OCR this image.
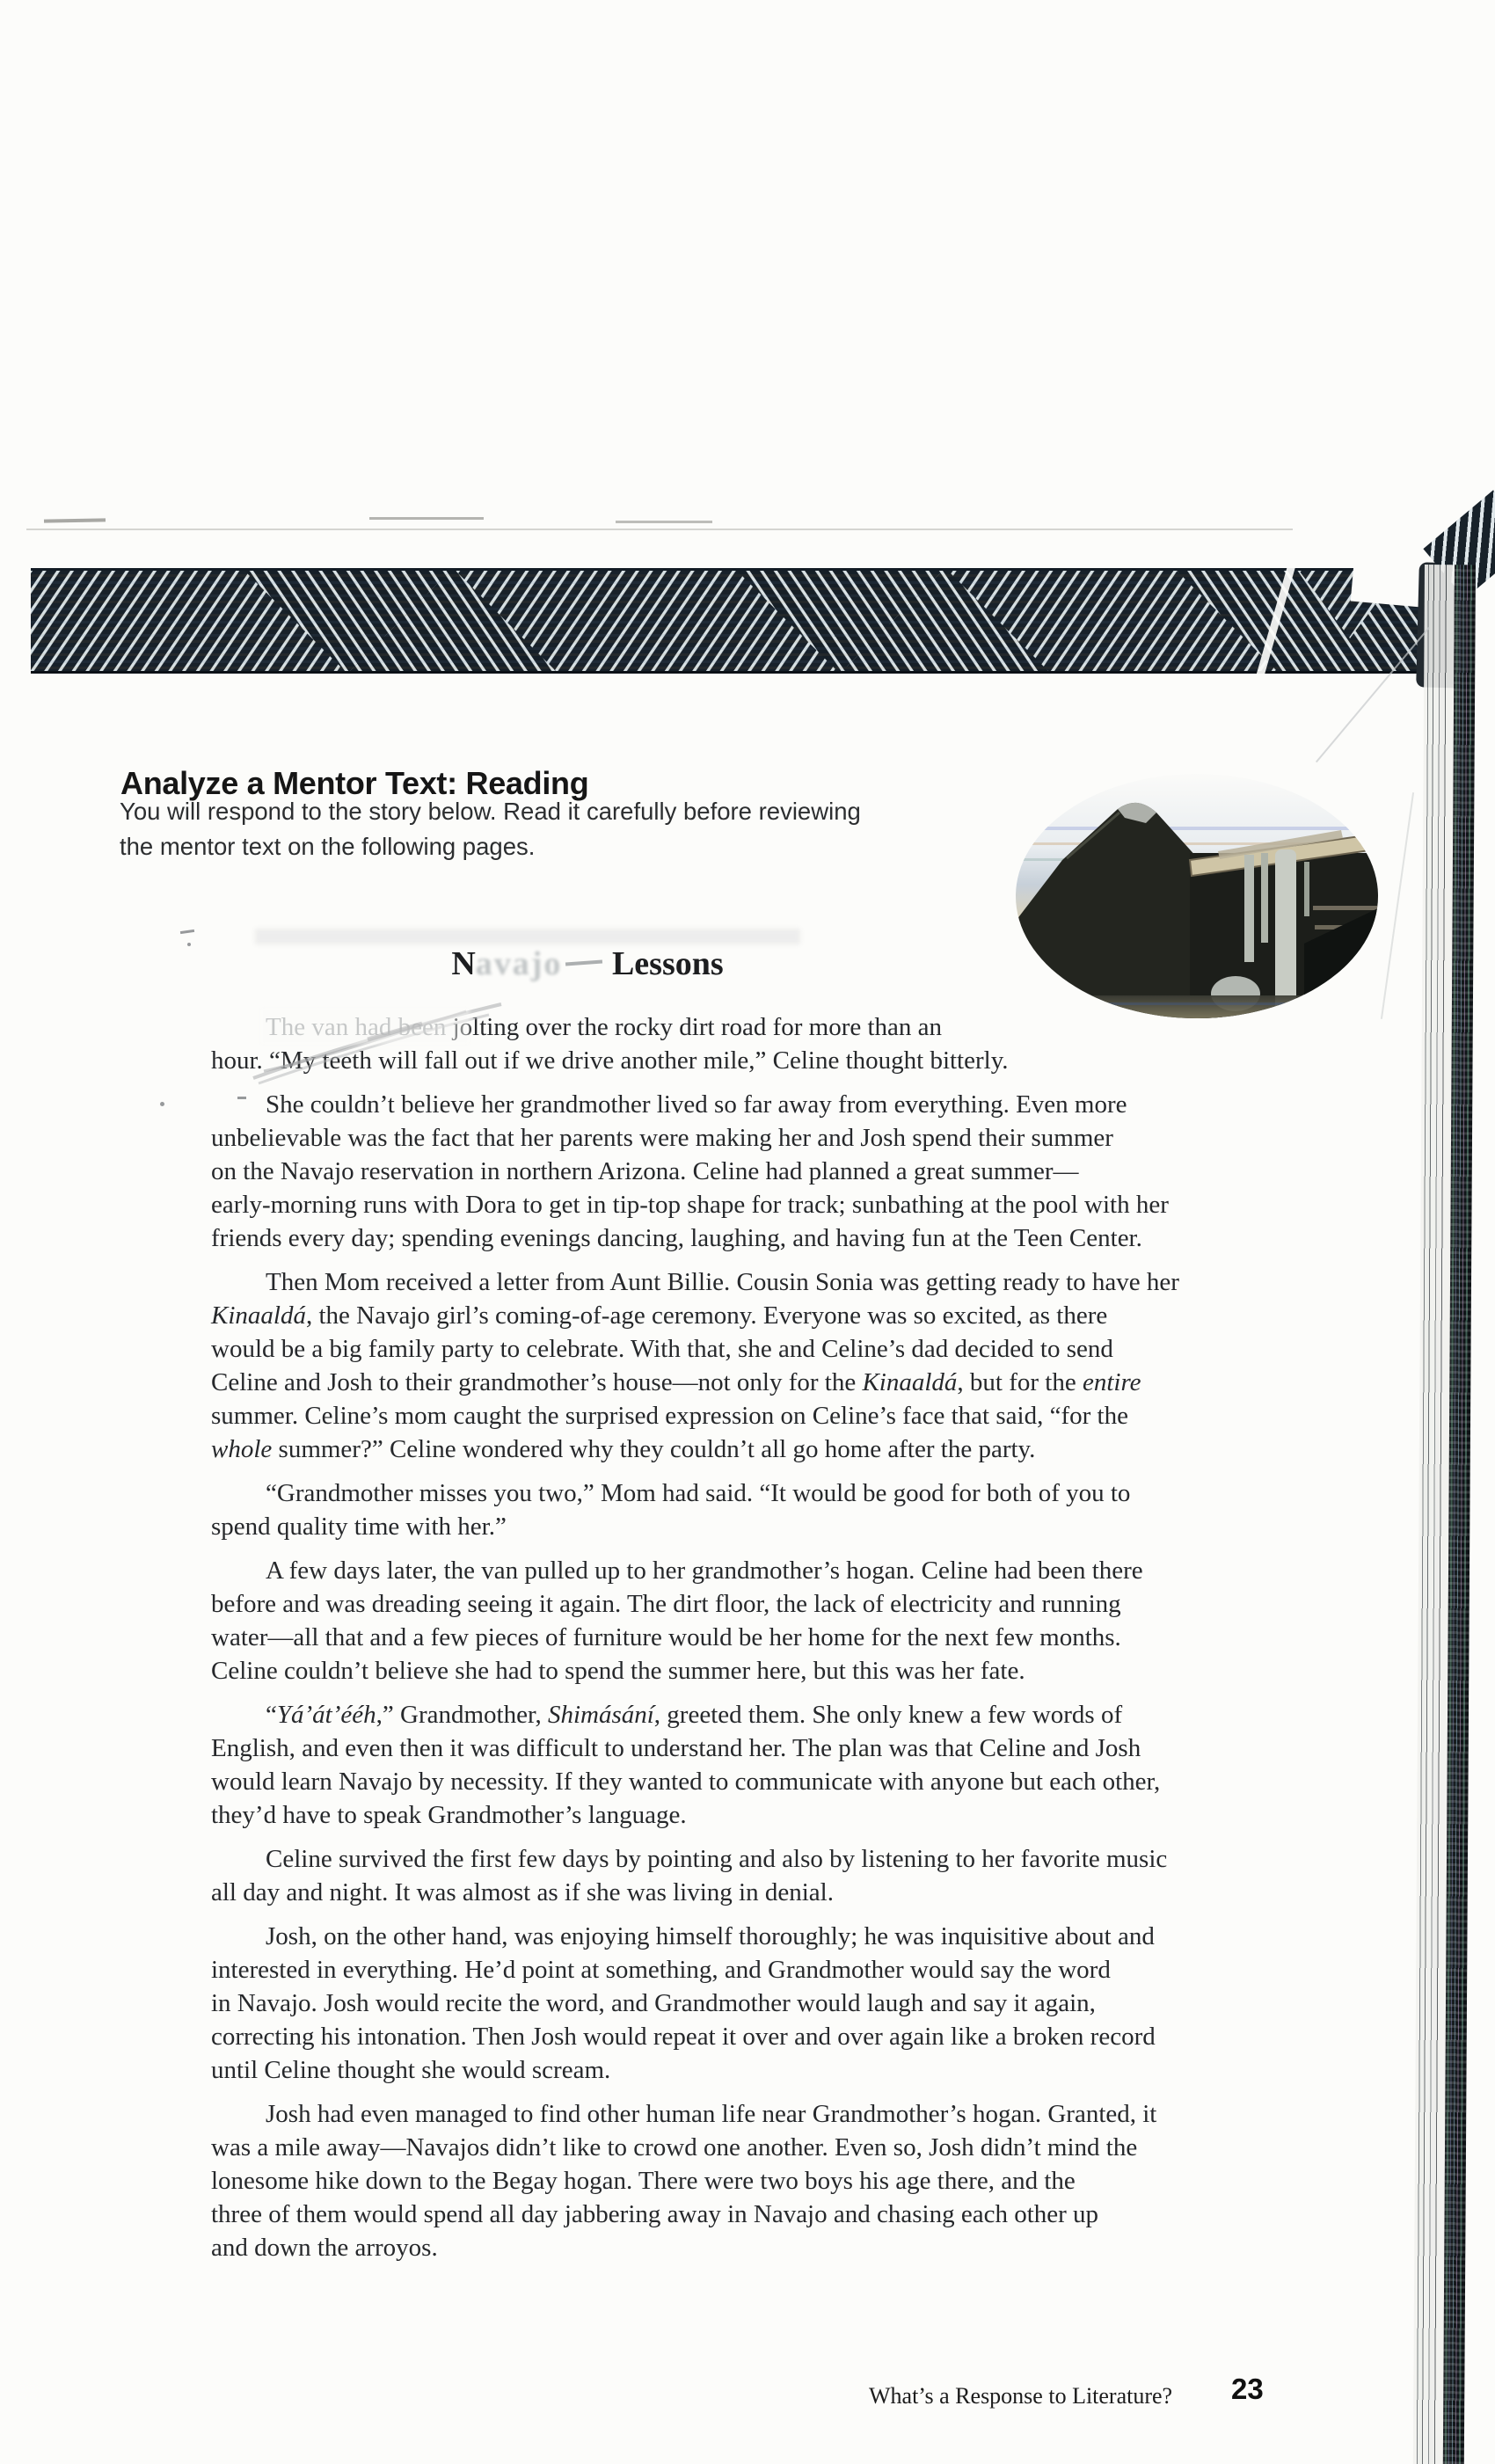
Analyze a Mentor Text: Reading
You will respond to the story below. Read it carefully before reviewing
the mentor text on the following pages.
Navajo Lessons
The van had been jolting over the rocky dirt road for more than an
hour. “My teeth will fall out if we drive another mile,” Celine thought bitterly.
She couldn’t believe her grandmother lived so far away from everything. Even more
unbelievable was the fact that her parents were making her and Josh spend their summer
on the Navajo reservation in northern Arizona. Celine had planned a great summer—
early-morning runs with Dora to get in tip-top shape for track; sunbathing at the pool with her
friends every day; spending evenings dancing, laughing, and having fun at the Teen Center.
Then Mom received a letter from Aunt Billie. Cousin Sonia was getting ready to have her
Kinaaldá, the Navajo girl’s coming-of-age ceremony. Everyone was so excited, as there
would be a big family party to celebrate. With that, she and Celine’s dad decided to send
Celine and Josh to their grandmother’s house—not only for the Kinaaldá, but for the entire
summer. Celine’s mom caught the surprised expression on Celine’s face that said, “for the
whole summer?” Celine wondered why they couldn’t all go home after the party.
“Grandmother misses you two,” Mom had said. “It would be good for both of you to
spend quality time with her.”
A few days later, the van pulled up to her grandmother’s hogan. Celine had been there
before and was dreading seeing it again. The dirt floor, the lack of electricity and running
water—all that and a few pieces of furniture would be her home for the next few months.
Celine couldn’t believe she had to spend the summer here, but this was her fate.
“Yá’át’ééh,” Grandmother, Shimásání, greeted them. She only knew a few words of
English, and even then it was difficult to understand her. The plan was that Celine and Josh
would learn Navajo by necessity. If they wanted to communicate with anyone but each other,
they’d have to speak Grandmother’s language.
Celine survived the first few days by pointing and also by listening to her favorite music
all day and night. It was almost as if she was living in denial.
Josh, on the other hand, was enjoying himself thoroughly; he was inquisitive about and
interested in everything. He’d point at something, and Grandmother would say the word
in Navajo. Josh would recite the word, and Grandmother would laugh and say it again,
correcting his intonation. Then Josh would repeat it over and over again like a broken record
until Celine thought she would scream.
Josh had even managed to find other human life near Grandmother’s hogan. Granted, it
was a mile away—Navajos didn’t like to crowd one another. Even so, Josh didn’t mind the
lonesome hike down to the Begay hogan. There were two boys his age there, and the
three of them would spend all day jabbering away in Navajo and chasing each other up
and down the arroyos.
What’s a Response to Literature? 23
